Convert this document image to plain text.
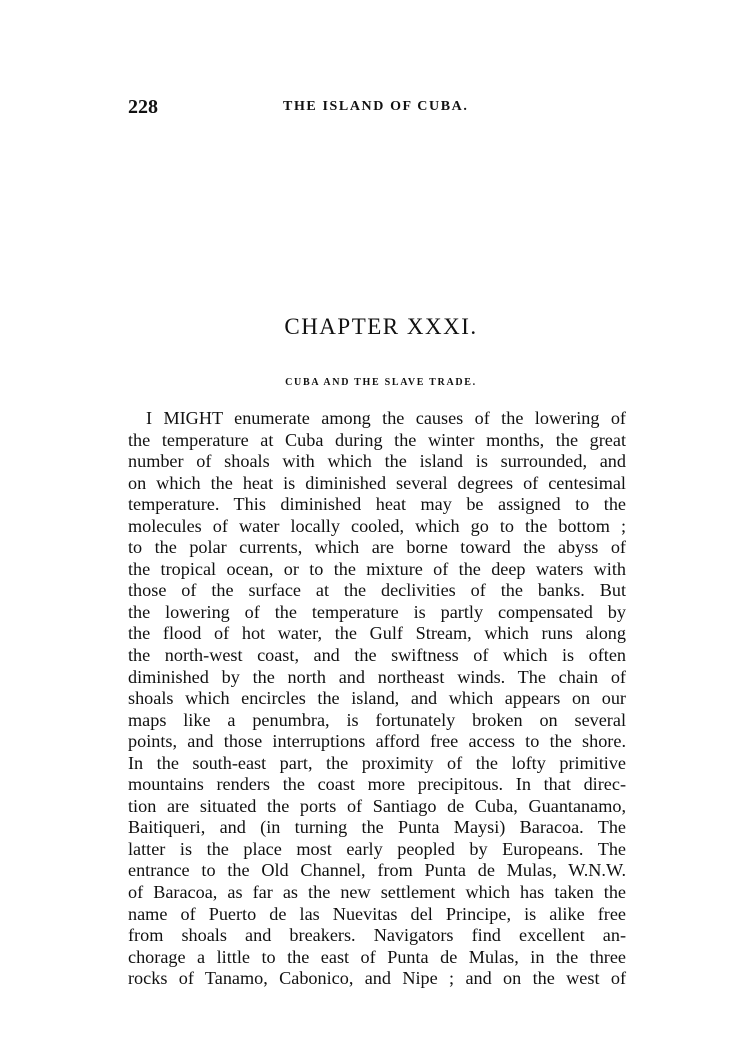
228	THE ISLAND OF CUBA.
CHAPTER XXXI.
CUBA AND THE SLAVE TRADE.
I MIGHT enumerate among the causes of the lowering of
the temperature at Cuba during the winter months, the great
number of shoals with which the island is surrounded, and
on which the heat is diminished several degrees of centesimal
temperature. This diminished heat may be assigned to the
molecules of water locally cooled, which go to the bottom ;
to the polar currents, which are borne toward the abyss of
the tropical ocean, or to the mixture of the deep waters with
those of the surface at the declivities of the banks. But
the lowering of the temperature is partly compensated by
the flood of hot water, the Gulf Stream, which runs along
the north-west coast, and the swiftness of which is often
diminished by the north and northeast winds. The chain of
shoals which encircles the island, and which appears on our
maps like a penumbra, is fortunately broken on several
points, and those interruptions afford free access to the shore.
In the south-east part, the proximity of the lofty primitive
mountains renders the coast more precipitous. In that direc-
tion are situated the ports of Santiago de Cuba, Guantanamo,
Baitiqueri, and (in turning the Punta Maysi) Baracoa. The
latter is the place most early peopled by Europeans. The
entrance to the Old Channel, from Punta de Mulas, W.N.W.
of Baracoa, as far as the new settlement which has taken the
name of Puerto de las Nuevitas del Principe, is alike free
from shoals and breakers. Navigators find excellent an-
chorage a little to the east of Punta de Mulas, in the three
rocks of Tanamo, Cabonico, and Nipe ; and on the west of
